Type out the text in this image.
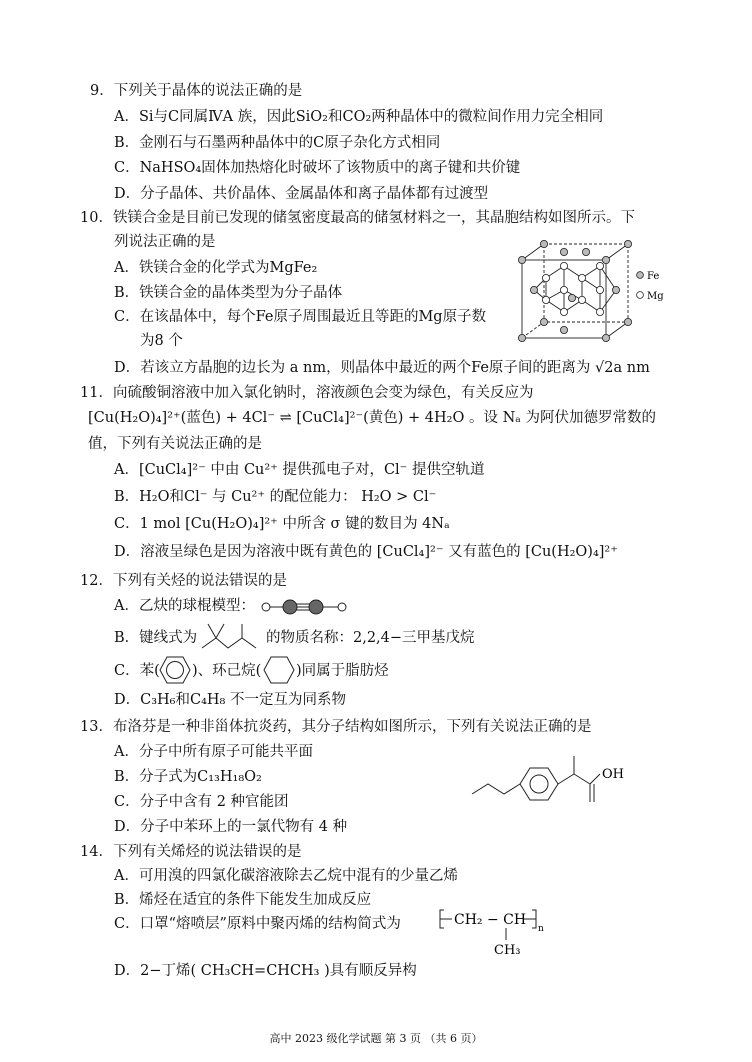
9．下列关于晶体的说法正确的是
A．Si与C同属ⅣA 族，因此SiO₂和CO₂两种晶体中的微粒间作用力完全相同
B．金刚石与石墨两种晶体中的C原子杂化方式相同
C．NaHSO₄固体加热熔化时破坏了该物质中的离子键和共价键
D．分子晶体、共价晶体、金属晶体和离子晶体都有过渡型
10．铁镁合金是目前已发现的储氢密度最高的储氢材料之一，其晶胞结构如图所示。下
列说法正确的是
A．铁镁合金的化学式为MgFe₂
B．铁镁合金的晶体类型为分子晶体
C．在该晶体中，每个Fe原子周围最近且等距的Mg原子数
为8 个
D．若该立方晶胞的边长为 a nm，则晶体中最近的两个Fe原子间的距离为 √2a nm
Fe
Mg
11．向硫酸铜溶液中加入氯化钠时，溶液颜色会变为绿色，有关反应为
[Cu(H₂O)₄]²⁺(蓝色) + 4Cl⁻ ⇌ [CuCl₄]²⁻(黄色) + 4H₂O 。设 Nₐ 为阿伏加德罗常数的
值，下列有关说法正确的是
A．[CuCl₄]²⁻ 中由 Cu²⁺ 提供孤电子对，Cl⁻ 提供空轨道
B．H₂O和Cl⁻ 与 Cu²⁺ 的配位能力： H₂O > Cl⁻
C．1 mol [Cu(H₂O)₄]²⁺ 中所含 σ 键的数目为 4Nₐ
D．溶液呈绿色是因为溶液中既有黄色的 [CuCl₄]²⁻ 又有蓝色的 [Cu(H₂O)₄]²⁺
12．下列有关烃的说法错误的是
A．乙炔的球棍模型：
B．键线式为	的物质名称：2,2,4−三甲基戊烷
C．苯( )、环己烷( )同属于脂肪烃
D．C₃H₆和C₄H₈ 不一定互为同系物
13．布洛芬是一种非甾体抗炎药，其分子结构如图所示，下列有关说法正确的是
A．分子中所有原子可能共平面
B．分子式为C₁₃H₁₈O₂
C．分子中含有 2 种官能团
D．分子中苯环上的一氯代物有 4 种
OH
14．下列有关烯烃的说法错误的是
A．可用溴的四氯化碳溶液除去乙烷中混有的少量乙烯
B．烯烃在适宜的条件下能发生加成反应
C．口罩“熔喷层”原料中聚丙烯的结构简式为	CH₂ − CH
n
CH₃
D．2−丁烯( CH₃CH=CHCH₃ )具有顺反异构
高中 2023 级化学试题 第 3 页 （共 6 页）
